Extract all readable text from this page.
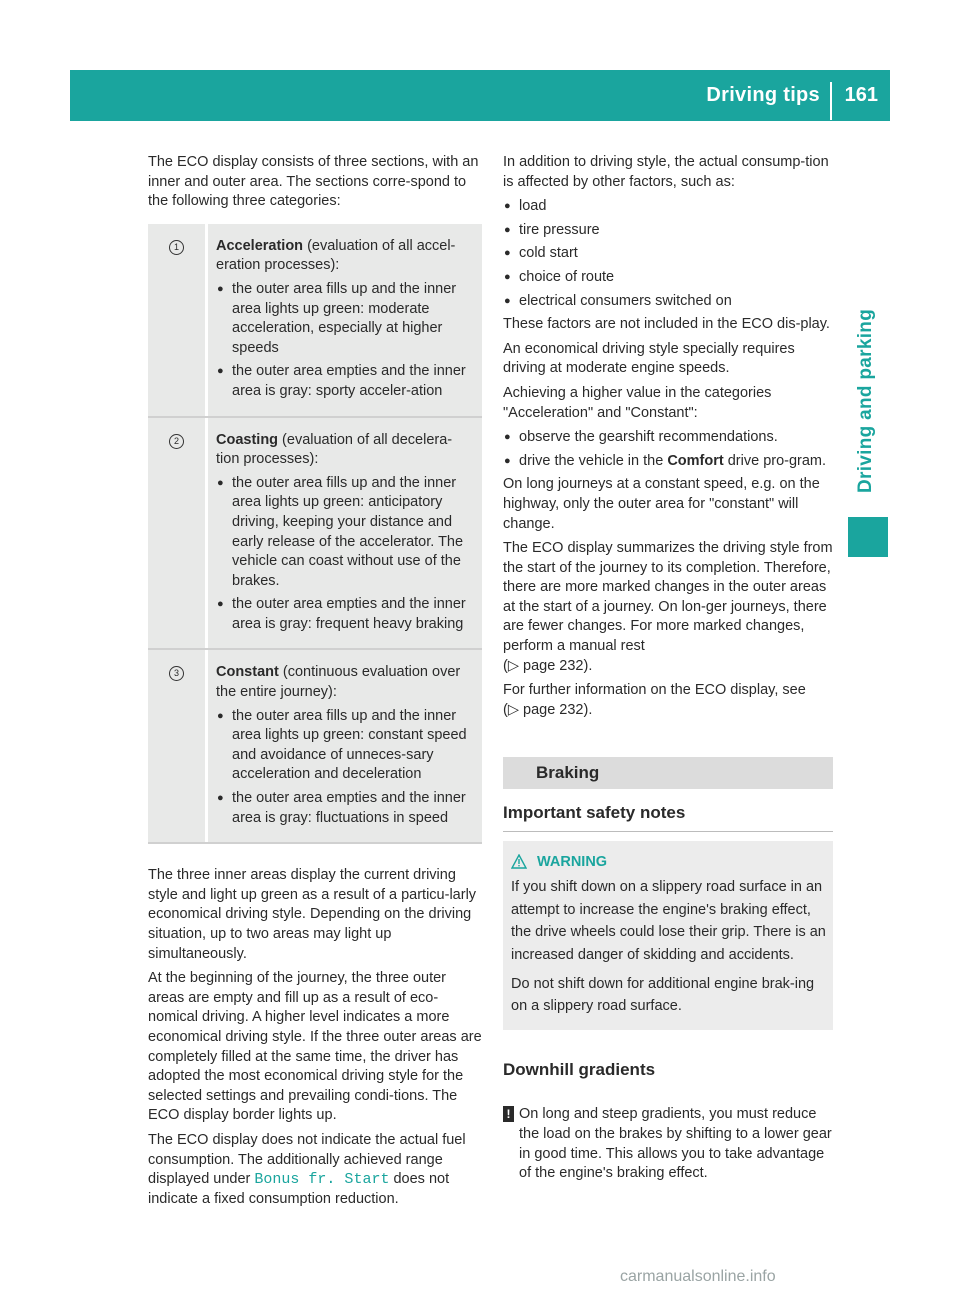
Driving tips 161
Driving and parking

The ECO display consists of three sections, with an inner and outer area. The sections corre-spond to the following three categories:

1	Acceleration (evaluation of all accel-eration processes):
● the outer area fills up and the inner area lights up green: moderate acceleration, especially at higher speeds
● the outer area empties and the inner area is gray: sporty acceler-ation
2	Coasting (evaluation of all decelera-tion processes):
● the outer area fills up and the inner area lights up green: anticipatory driving, keeping your distance and early release of the accelerator. The vehicle can coast without use of the brakes.
● the outer area empties and the inner area is gray: frequent heavy braking
3	Constant (continuous evaluation over the entire journey):
● the outer area fills up and the inner area lights up green: constant speed and avoidance of unneces-sary acceleration and deceleration
● the outer area empties and the inner area is gray: fluctuations in speed

The three inner areas display the current driving style and light up green as a result of a particu-larly economical driving style. Depending on the driving situation, up to two areas may light up simultaneously.

At the beginning of the journey, the three outer areas are empty and fill up as a result of eco-nomical driving. A higher level indicates a more economical driving style. If the three outer areas are completely filled at the same time, the driver has adopted the most economical driving style for the selected settings and prevailing condi-tions. The ECO display border lights up.

The ECO display does not indicate the actual fuel consumption. The additionally achieved range displayed under Bonus fr. Start does not indicate a fixed consumption reduction.

In addition to driving style, the actual consump-tion is affected by other factors, such as:

● load
● tire pressure
● cold start
● choice of route
● electrical consumers switched on

These factors are not included in the ECO dis-play.

An economical driving style specially requires driving at moderate engine speeds.

Achieving a higher value in the categories "Acceleration" and "Constant":

● observe the gearshift recommendations.
● drive the vehicle in the Comfort drive pro-gram.

On long journeys at a constant speed, e.g. on the highway, only the outer area for "constant" will change.

The ECO display summarizes the driving style from the start of the journey to its completion. Therefore, there are more marked changes in the outer areas at the start of a journey. On lon-ger journeys, there are fewer changes. For more marked changes, perform a manual rest

(▷ page 232).

For further information on the ECO display, see

(▷ page 232).

Braking
Important safety notes
WARNING
If you shift down on a slippery road surface in an attempt to increase the engine's braking effect, the drive wheels could lose their grip. There is an increased danger of skidding and accidents.
Do not shift down for additional engine brak-ing on a slippery road surface.
Downhill gradients
! On long and steep gradients, you must reduce the load on the brakes by shifting to a lower gear in good time. This allows you to take advantage of the engine's braking effect.
carmanualsonline.info
